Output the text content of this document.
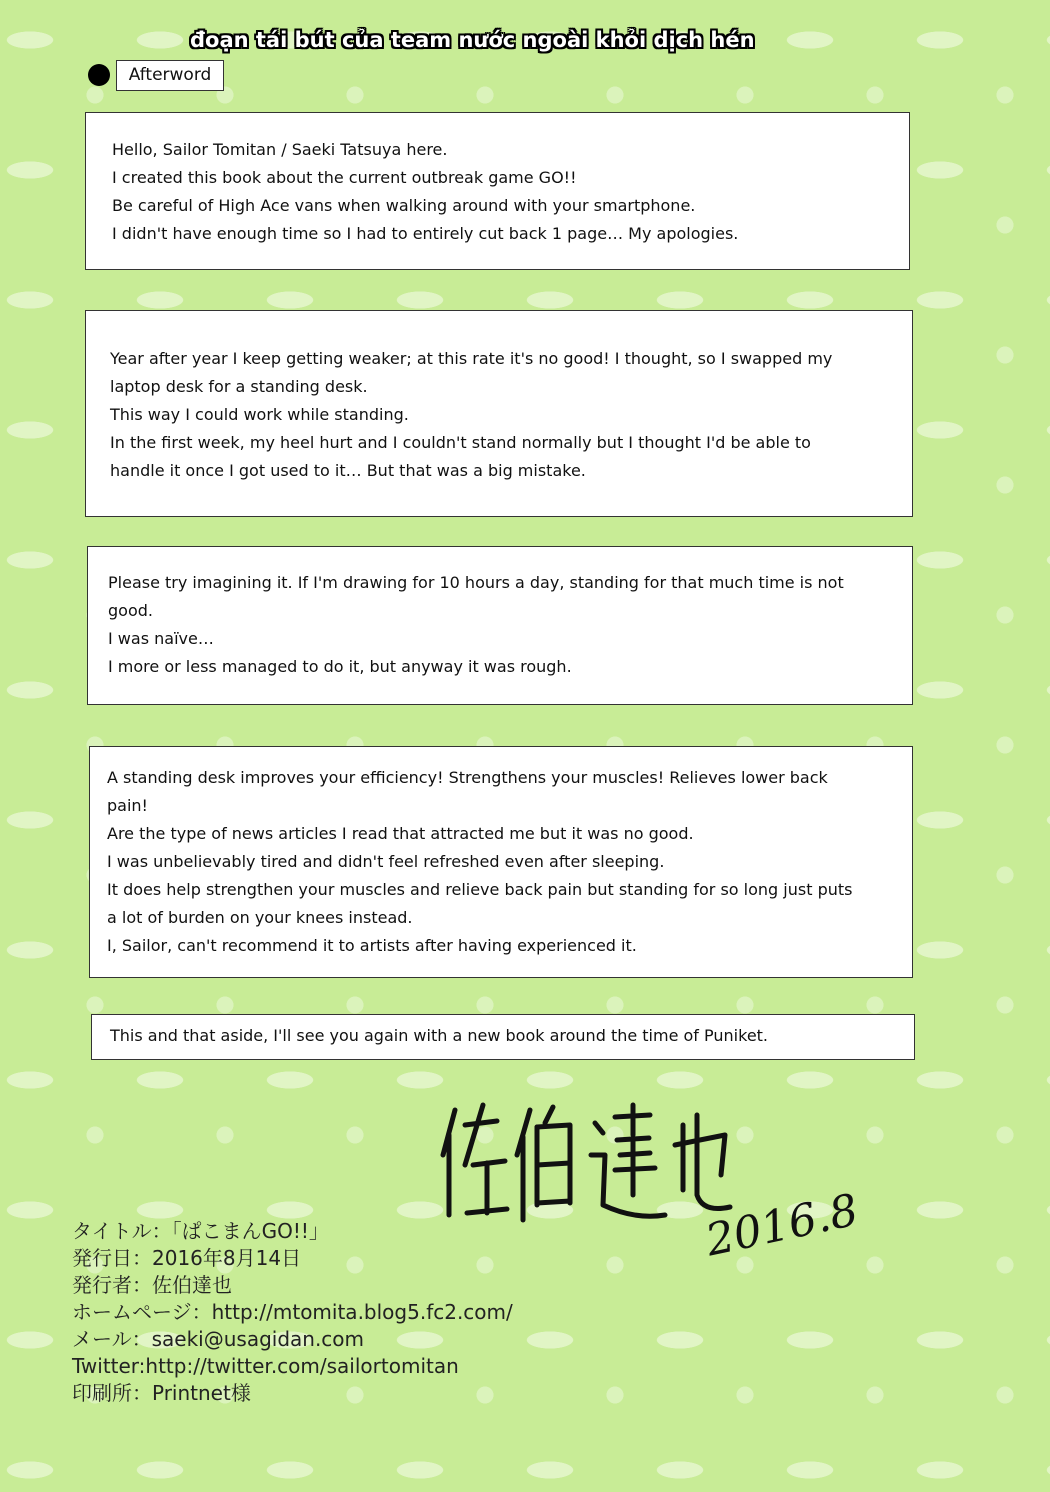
đoạn tái bút của team nước ngoài khỏi dịch hén
Afterword

Hello, Sailor Tomitan / Saeki Tatsuya here.

I created this book about the current outbreak game GO!!

Be careful of High Ace vans when walking around with your smartphone.

I didn't have enough time so I had to entirely cut back 1 page… My apologies.

Year after year I keep getting weaker; at this rate it's no good! I thought, so I swapped my

laptop desk for a standing desk.

This way I could work while standing.

In the first week, my heel hurt and I couldn't stand normally but I thought I'd be able to

handle it once I got used to it… But that was a big mistake.

Please try imagining it. If I'm drawing for 10 hours a day, standing for that much time is not

good.

I was naïve…

I more or less managed to do it, but anyway it was rough.

A standing desk improves your efficiency! Strengthens your muscles! Relieves lower back

pain!

Are the type of news articles I read that attracted me but it was no good.

I was unbelievably tired and didn't feel refreshed even after sleeping.

It does help strengthen your muscles and relieve back pain but standing for so long just puts

a lot of burden on your knees instead.

I, Sailor, can't recommend it to artists after having experienced it.

This and that aside, I'll see you again with a new book around the time of Puniket.

2016.8
タイトル：「ぱこまんGO!!」
発行日：2016年8月14日
発行者：佐伯達也
ホームページ：http://mtomita.blog5.fc2.com/
メール：saeki@usagidan.com
Twitter:http://twitter.com/sailortomitan
印刷所：Printnet様
